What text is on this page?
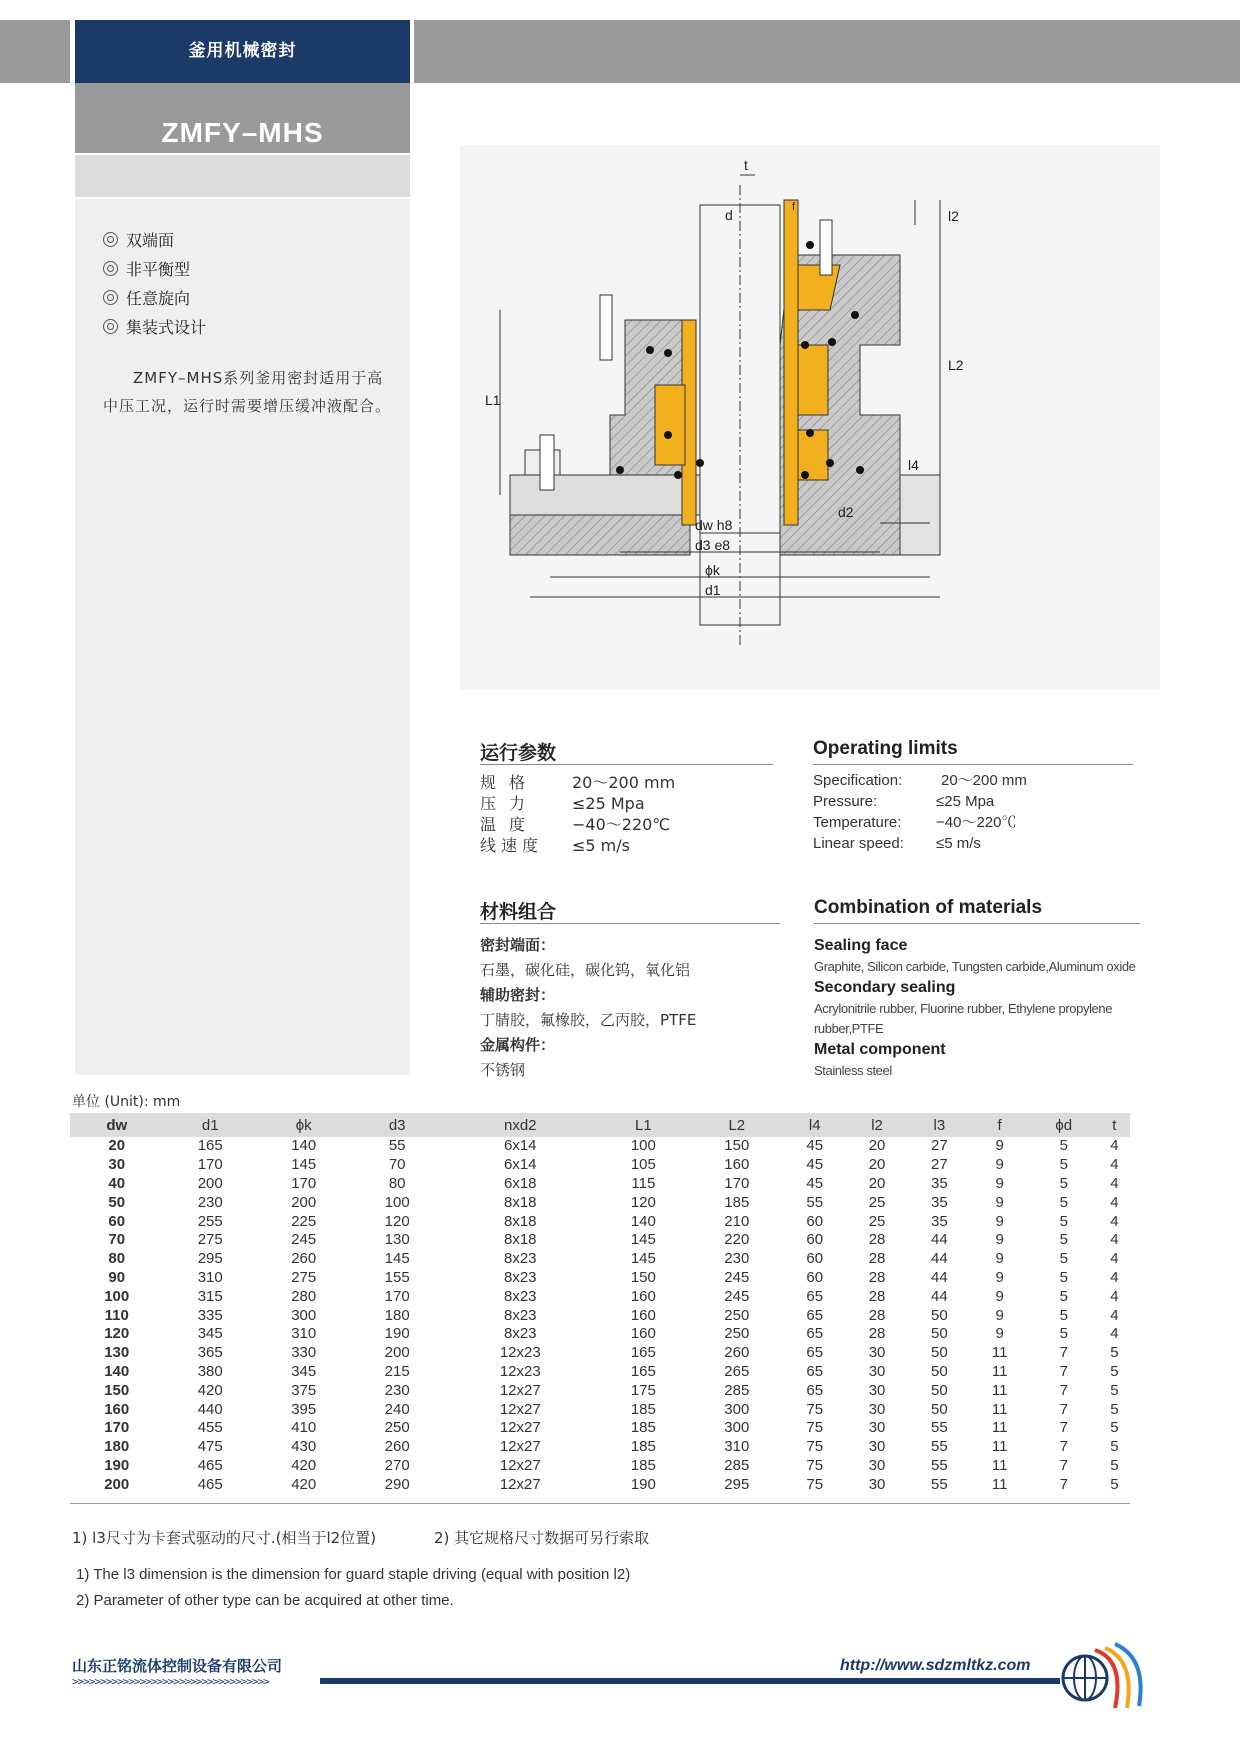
釜用机械密封
ZMFY–MHS
双端面
非平衡型
任意旋向
集装式设计
ZMFY–MHS系列釜用密封适用于高中压工况，运行时需要增压缓冲液配合。
t
d	f
l2
L2
L1
l4
dw h8
d3 e8
ϕk
d1
d2
运行参数
规格 20～200 mm
压力 ≤25 Mpa
温度 −40～220℃
线速度 ≤5 m/s
Operating limits
Specification:	20～200 mm
Pressure:	≤25 Mpa
Temperature: −40～220℃
Linear speed: ≤5 m/s
材料组合
密封端面：
石墨，碳化硅，碳化钨，氧化铝
辅助密封：
丁腈胶，氟橡胶，乙丙胶，PTFE
金属构件：
不锈钢
Combination of materials
Sealing face
Graphite, Silicon carbide, Tungsten carbide,Aluminum oxide
Secondary sealing
Acrylonitrile rubber, Fluorine rubber, Ethylene propylene rubber,PTFE
Metal component
Stainless steel
单位 (Unit): mm
dw	d1	ϕk	d3	nxd2	L1	L2	l4	l2	l3	f	ϕd	t
20	165	140	55	6x14	100	150	45	20	27	9	5	4
30	170	145	70	6x14	105	160	45	20	27	9	5	4
40	200	170	80	6x18	115	170	45	20	35	9	5	4
50	230	200	100	8x18	120	185	55	25	35	9	5	4
60	255	225	120	8x18	140	210	60	25	35	9	5	4
70	275	245	130	8x18	145	220	60	28	44	9	5	4
80	295	260	145	8x23	145	230	60	28	44	9	5	4
90	310	275	155	8x23	150	245	60	28	44	9	5	4
100	315	280	170	8x23	160	245	65	28	44	9	5	4
110	335	300	180	8x23	160	250	65	28	50	9	5	4
120	345	310	190	8x23	160	250	65	28	50	9	5	4
130	365	330	200	12x23	165	260	65	30	50	11	7	5
140	380	345	215	12x23	165	265	65	30	50	11	7	5
150	420	375	230	12x27	175	285	65	30	50	11	7	5
160	440	395	240	12x27	185	300	75	30	50	11	7	5
170	455	410	250	12x27	185	300	75	30	55	11	7	5
180	475	430	260	12x27	185	310	75	30	55	11	7	5
190	465	420	270	12x27	185	285	75	30	55	11	7	5
200	465	420	290	12x27	190	295	75	30	55	11	7	5
1) l3尺寸为卡套式驱动的尺寸.(相当于l2位置)	2) 其它规格尺寸数据可另行索取
1) The l3 dimension is the dimension for guard staple driving (equal with position l2)
2) Parameter of other type can be acquired at other time.
山东正铭流体控制设备有限公司
>>>>>>>>>>>>>>>>>>>>>>>>>>>>>>>>>>>
http://www.sdzmltkz.com
